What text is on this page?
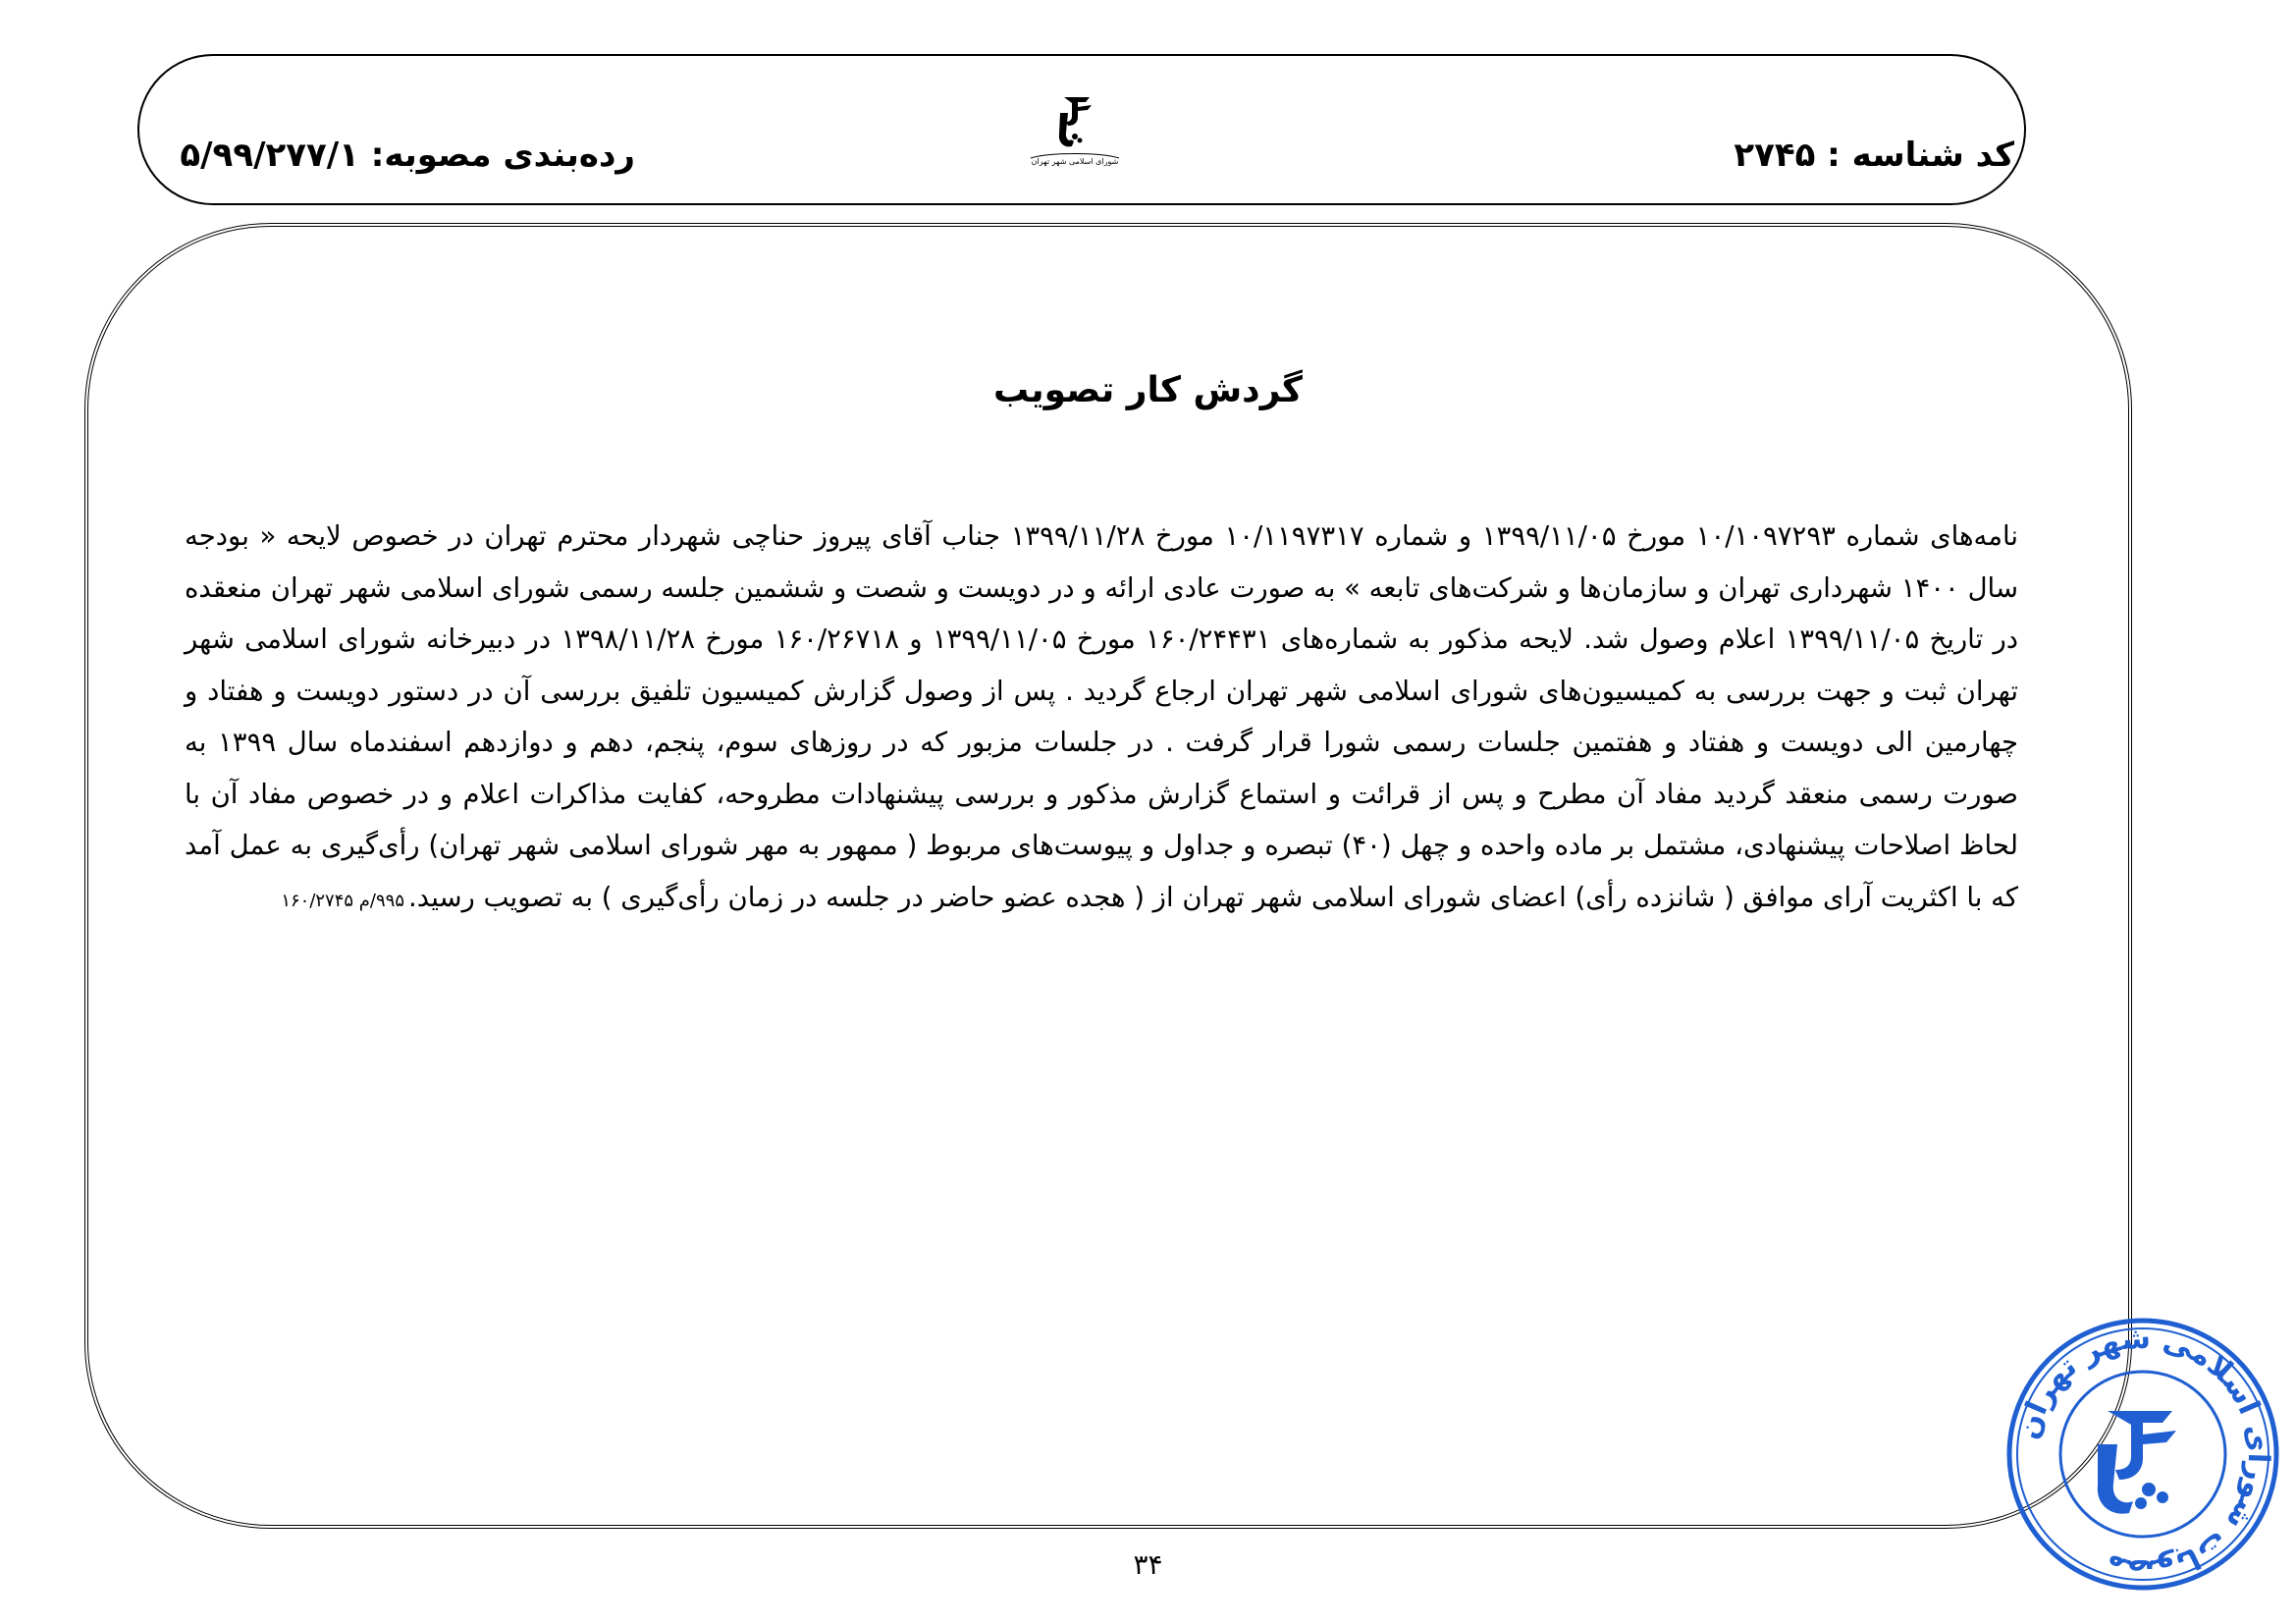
کد شناسه : ۲۷۴۵
رده‌بندی مصوبه: ۵/۹۹/۲۷۷/۱	شورای اسلامی شهر تهران
گردش کار تصویب
نامه‌های شماره ۱۰/۱۰۹۷۲۹۳ مورخ ۱۳۹۹/۱۱/۰۵ و شماره ۱۰/۱۱۹۷۳۱۷ مورخ ۱۳۹۹/۱۱/۲۸ جناب آقای پیروز حناچی شهردار محترم تهران در خصوص لایحه « بودجه سال ۱۴۰۰ شهرداری تهران و سازمان‌ها و شرکت‌های تابعه » به صورت عادی ارائه و در دویست و شصت و ششمین جلسه رسمی شورای اسلامی شهر تهران منعقده در تاریخ ۱۳۹۹/۱۱/۰۵ اعلام وصول شد. لایحه مذکور به شماره‌های ۱۶۰/۲۴۴۳۱ مورخ ۱۳۹۹/۱۱/۰۵ و ۱۶۰/۲۶۷۱۸ مورخ ۱۳۹۸/۱۱/۲۸ در دبیرخانه شورای اسلامی شهر تهران ثبت و جهت بررسی به کمیسیون‌های شورای اسلامی شهر تهران ارجاع گردید . پس از وصول گزارش کمیسیون تلفیق بررسی آن در دستور دویست و هفتاد و چهارمین الی دویست و هفتاد و هفتمین جلسات رسمی شورا قرار گرفت . در جلسات مزبور که در روزهای سوم، پنجم، دهم و دوازدهم اسفندماه سال ۱۳۹۹ به صورت رسمی منعقد گردید مفاد آن مطرح و پس از قرائت و استماع گزارش مذکور و بررسی پیشنهادات مطروحه، کفایت مذاکرات اعلام و در خصوص مفاد آن با لحاظ اصلاحات پیشنهادی، مشتمل بر ماده واحده و چهل (۴۰) تبصره و جداول و پیوست‌های مربوط ( ممهور به مهر شورای اسلامی شهر تهران) رأی‌گیری به عمل آمد که با اکثریت آرای موافق ( شانزده رأی) اعضای شورای اسلامی شهر تهران از ( هجده عضو حاضر در جلسه در زمان رأی‌گیری ) به تصویب رسید.۹۹۵/م ۱۶۰/۲۷۴۵
۳۴
مصوبات شورای اسلامی شهر تهران
